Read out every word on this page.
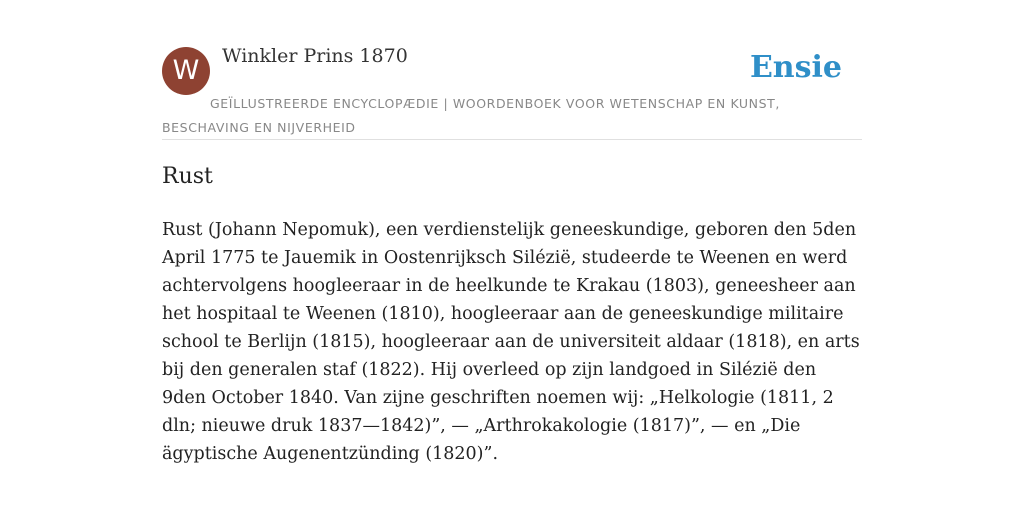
W	Winkler Prins 1870	Ensie
GEÏLLUSTREERDE ENCYCLOPÆDIE | WOORDENBOEK VOOR WETENSCHAP EN KUNST, BESCHAVING EN NIJVERHEID
Rust

Rust (Johann Nepomuk), een verdienstelijk geneeskundige, geboren den 5den April 1775 te Jauemik in Oostenrijksch Silézië, studeerde te Weenen en werd achtervolgens hoogleeraar in de heelkunde te Krakau (1803), geneesheer aan het hospitaal te Weenen (1810), hoogleeraar aan de geneeskundige militaire school te Berlijn (1815), hoogleeraar aan de universiteit aldaar (1818), en arts bij den generalen staf (1822). Hij overleed op zijn landgoed in Silézië den 9den October 1840. Van zijne geschriften noemen wij: „Helkologie (1811, 2 dln; nieuwe druk 1837—1842)”, — „Arthrokakologie (1817)”, — en „Die ägyptische Augenentzünding (1820)”.
